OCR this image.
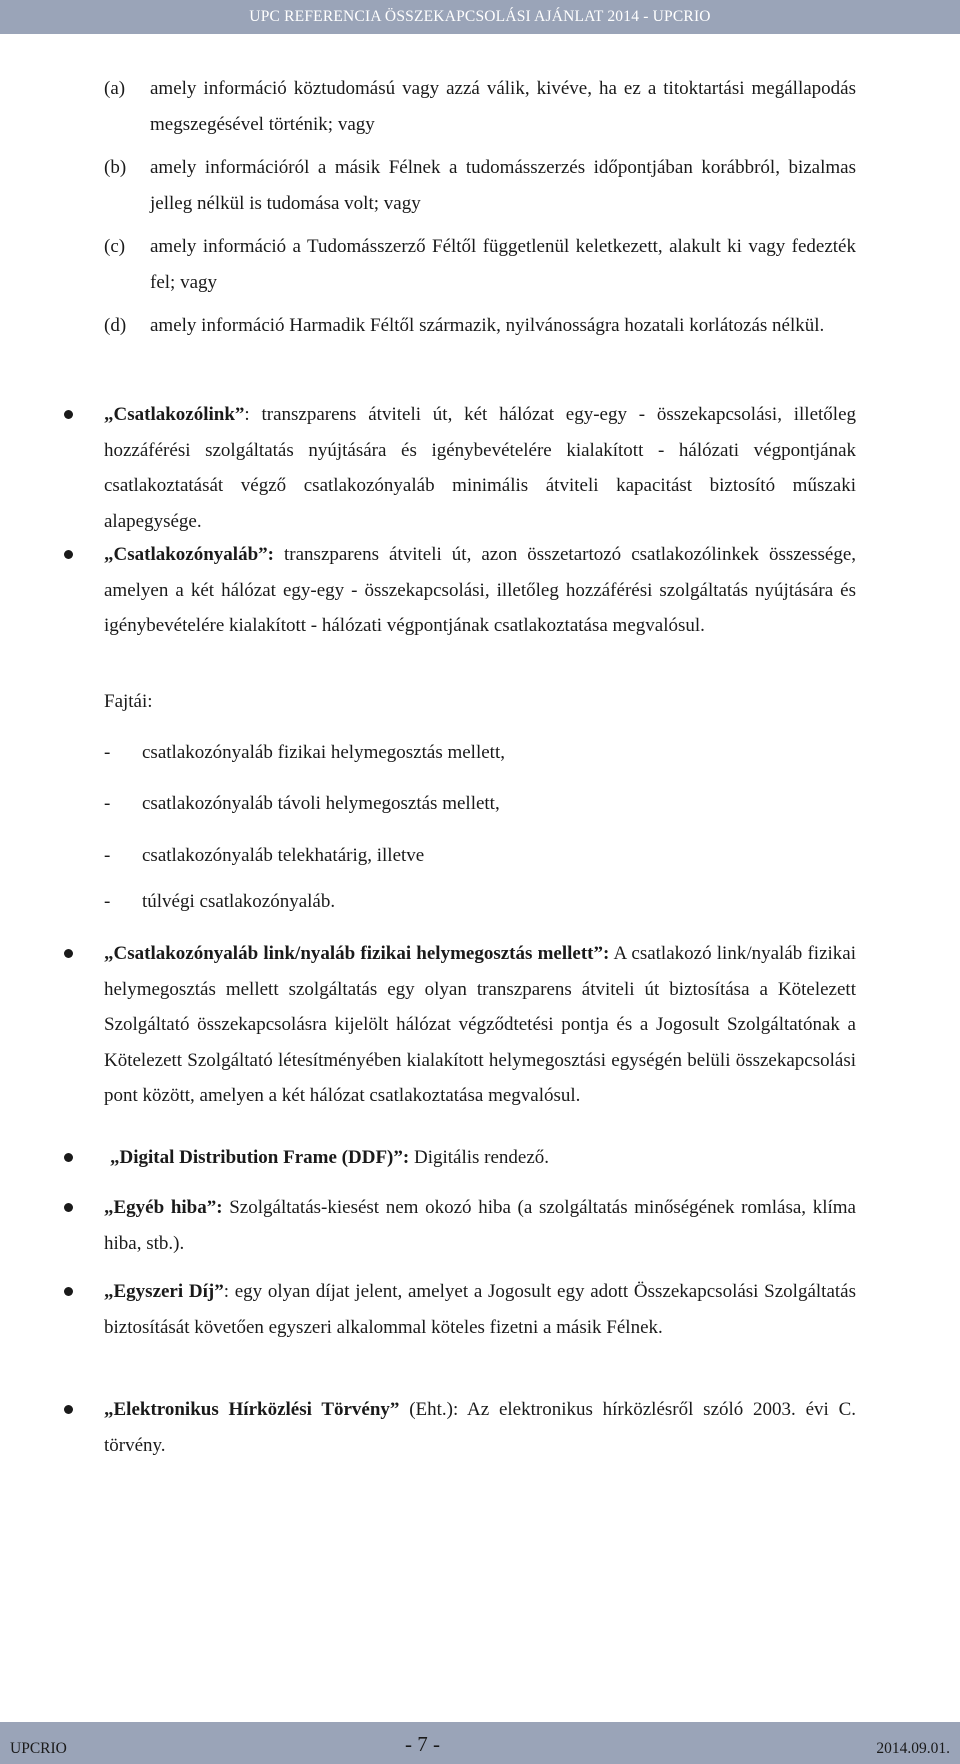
UPC REFERENCIA ÖSSZEKAPCSOLÁSI AJÁNLAT 2014 - UPCRIO
(a) amely információ köztudomású vagy azzá válik, kivéve, ha ez a titoktartási megállapodás megszegésével történik; vagy
(b) amely információról a másik Félnek a tudomásszerzés időpontjában korábbról, bizalmas jelleg nélkül is tudomása volt; vagy
(c) amely információ a Tudomásszerző Féltől függetlenül keletkezett, alakult ki vagy fedezték fel; vagy
(d) amely információ Harmadik Féltől származik, nyilvánosságra hozatali korlátozás nélkül.
„Csatlakozólink”: transzparens átviteli út, két hálózat egy-egy - összekapcsolási, illetőleg hozzáférési szolgáltatás nyújtására és igénybevételére kialakított - hálózati végpontjának csatlakoztatását végző csatlakozónyaláb minimális átviteli kapacitást biztosító műszaki alapegysége.
„Csatlakozónyaláb”: transzparens átviteli út, azon összetartozó csatlakozólinkek összessége, amelyen a két hálózat egy-egy - összekapcsolási, illetőleg hozzáférési szolgáltatás nyújtására és igénybevételére kialakított - hálózati végpontjának csatlakoztatása megvalósul.
Fajtái:
- csatlakozónyaláb fizikai helymegosztás mellett,
- csatlakozónyaláb távoli helymegosztás mellett,
- csatlakozónyaláb telekhatárig, illetve
- túlvégi csatlakozónyaláb.
„Csatlakozónyaláb link/nyaláb fizikai helymegosztás mellett”: A csatlakozó link/nyaláb fizikai helymegosztás mellett szolgáltatás egy olyan transzparens átviteli út biztosítása a Kötelezett Szolgáltató összekapcsolásra kijelölt hálózat végződtetési pontja és a Jogosult Szolgáltatónak a Kötelezett Szolgáltató létesítményében kialakított helymegosztási egységén belüli összekapcsolási pont között, amelyen a két hálózat csatlakoztatása megvalósul.
„Digital Distribution Frame (DDF)”: Digitális rendező.
„Egyéb hiba”: Szolgáltatás-kiesést nem okozó hiba (a szolgáltatás minőségének romlása, klíma hiba, stb.).
„Egyszeri Díj”: egy olyan díjat jelent, amelyet a Jogosult egy adott Összekapcsolási Szolgáltatás biztosítását követően egyszeri alkalommal köteles fizetni a másik Félnek.
„Elektronikus Hírközlési Törvény” (Eht.): Az elektronikus hírközlésről szóló 2003. évi C. törvény.
UPCRIO	- 7 -	2014.09.01.
